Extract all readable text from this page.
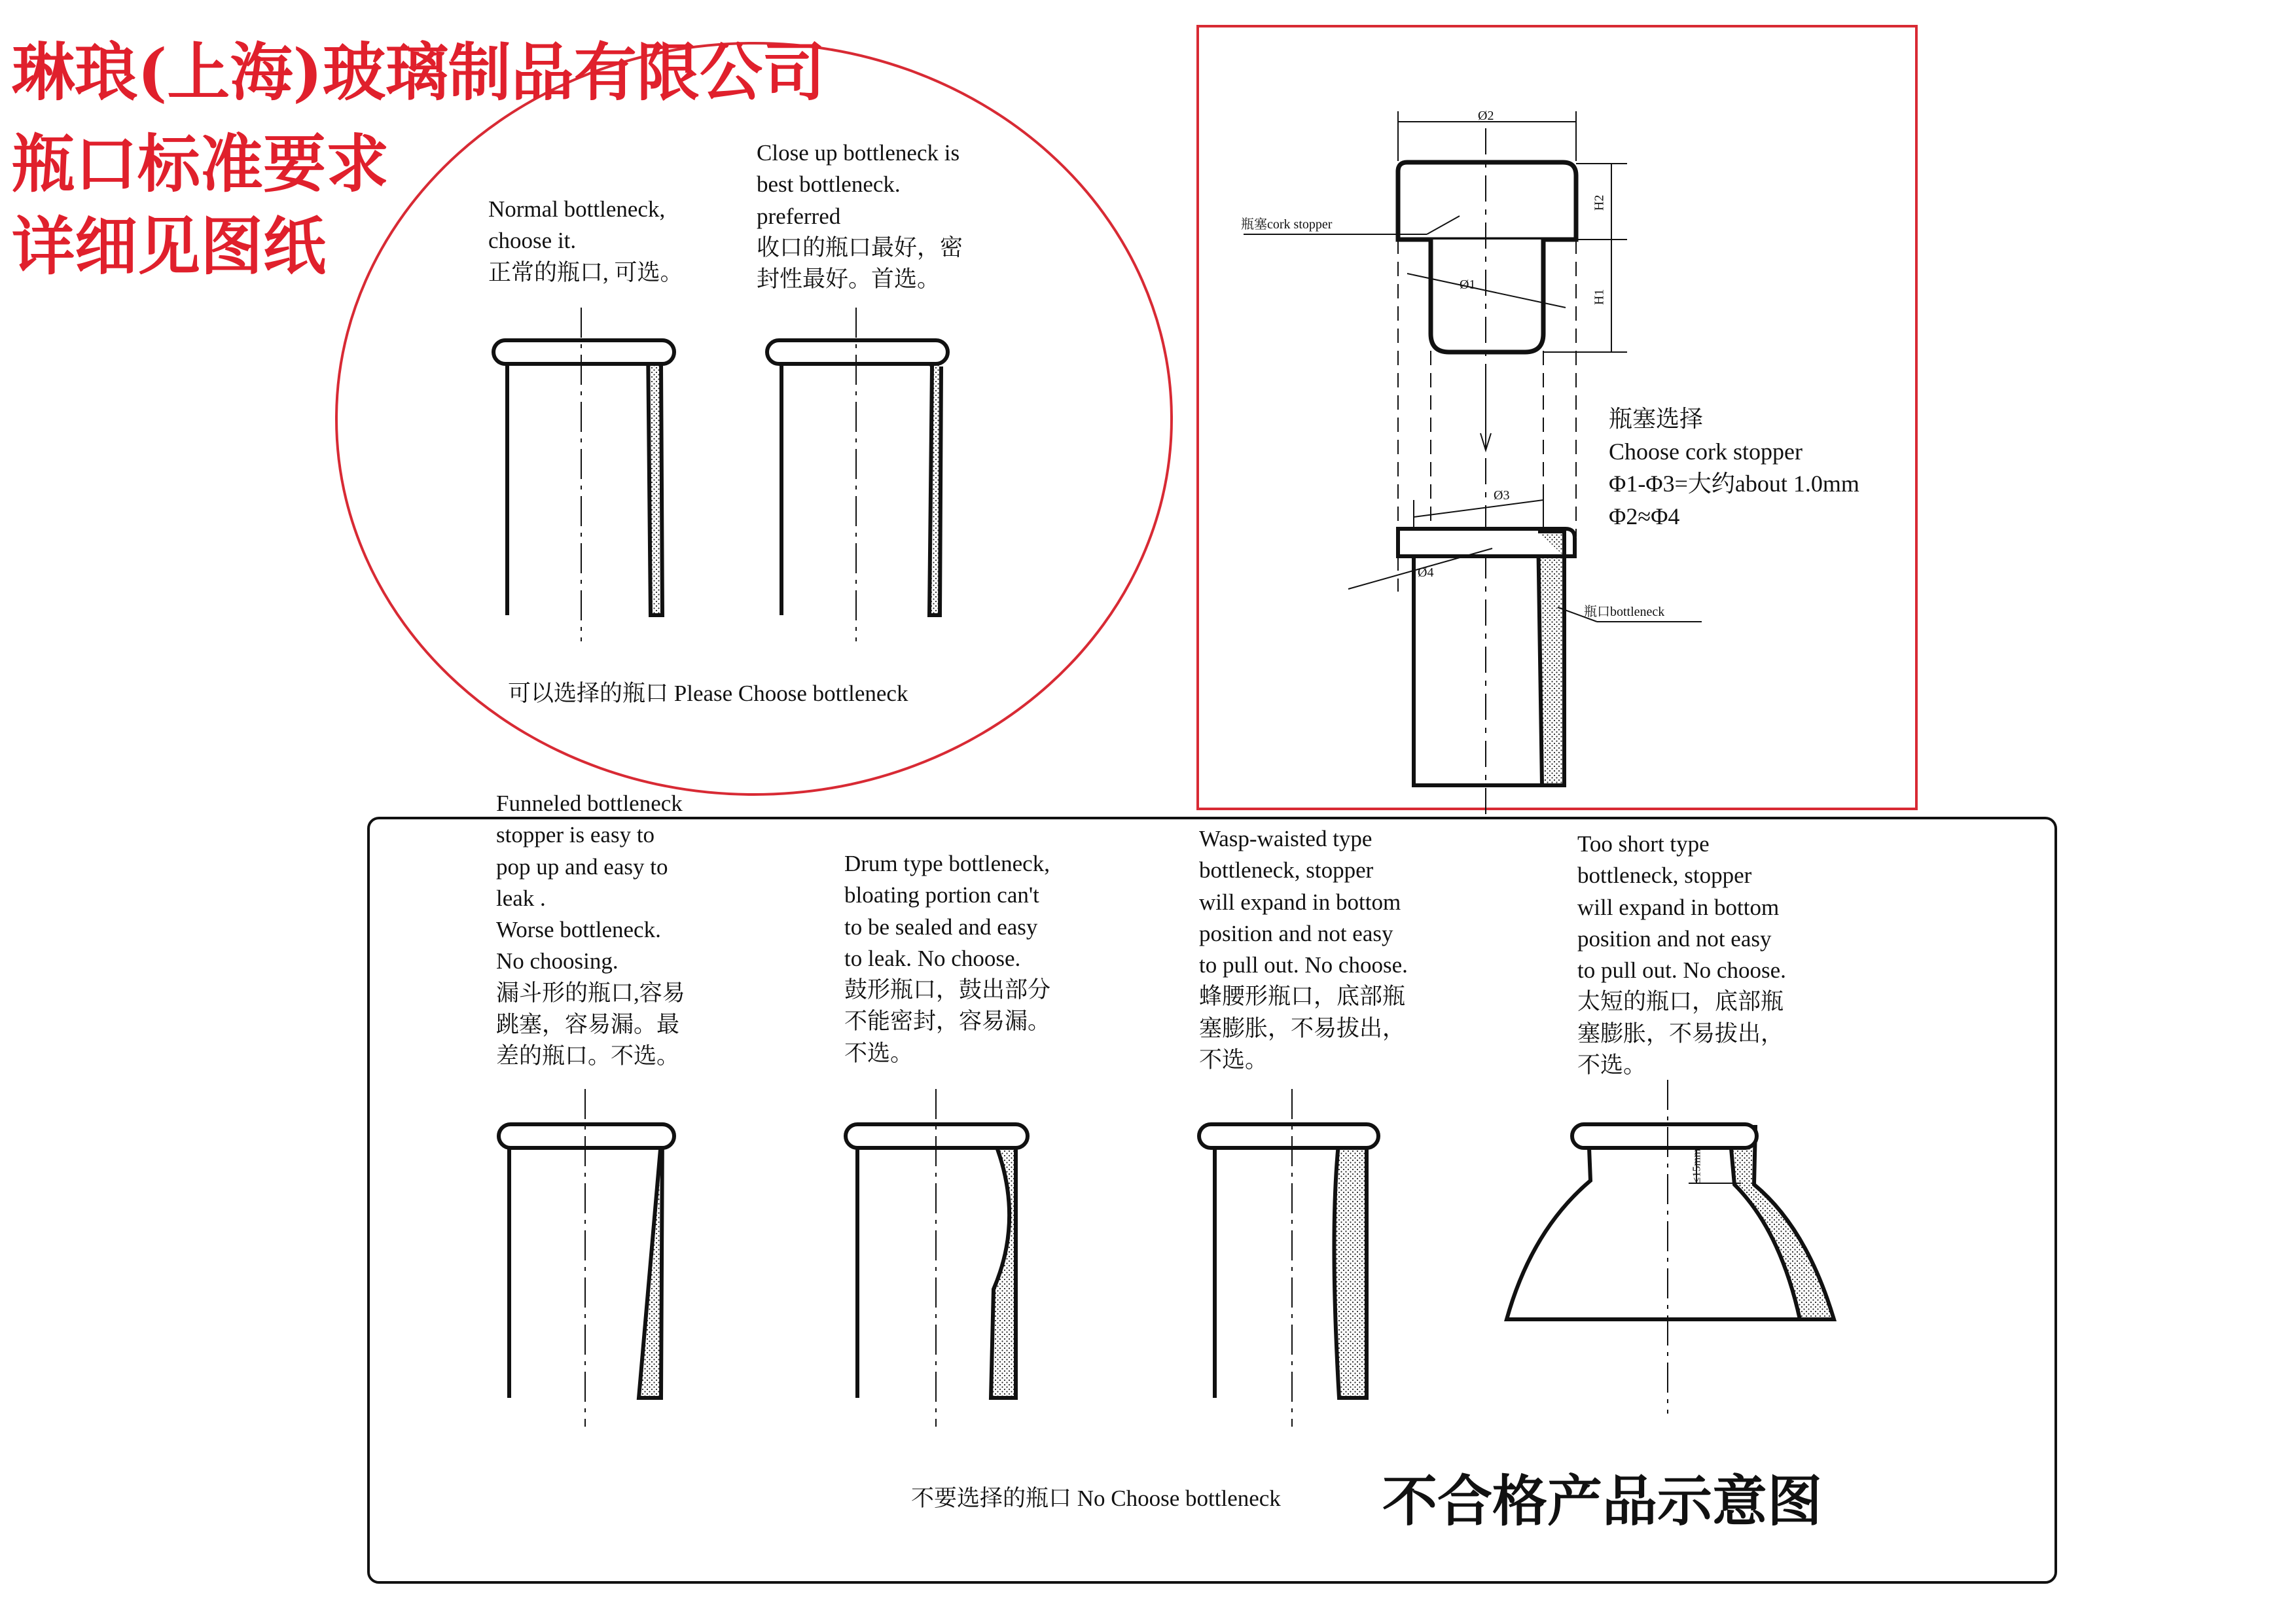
琳琅(上海)玻璃制品有限公司
瓶口标准要求
详细见图纸
Normal bottleneck,
choose it.
正常的瓶口, 可选。
Close up bottleneck is
best bottleneck.
preferred
收口的瓶口最好，密
封性最好。首选。
可以选择的瓶口 Please Choose bottleneck
Ø2
Ø1
Ø3
Ø4
H2
H1
瓶塞cork stopper
瓶口bottleneck
瓶塞选择
Choose cork stopper
Φ1-Φ3=大约about 1.0mm
Φ2≈Φ4
Funneled bottleneck
stopper is easy to
pop up and easy to
leak .
Worse bottleneck.
No choosing.
漏斗形的瓶口,容易
跳塞，容易漏。最
差的瓶口。不选。
Drum type bottleneck,
bloating portion can't
to be sealed and easy
to leak. No choose.
鼓形瓶口，鼓出部分
不能密封，容易漏。
不选。
Wasp-waisted type
bottleneck, stopper
will expand in bottom
position and not easy
to pull out. No choose.
蜂腰形瓶口，底部瓶
塞膨胀，不易拔出，
不选。
Too short type
bottleneck, stopper
will expand in bottom
position and not easy
to pull out. No choose.
太短的瓶口，底部瓶
塞膨胀，不易拔出，
不选。
≤15mm
不要选择的瓶口 No Choose bottleneck 不合格产品示意图
